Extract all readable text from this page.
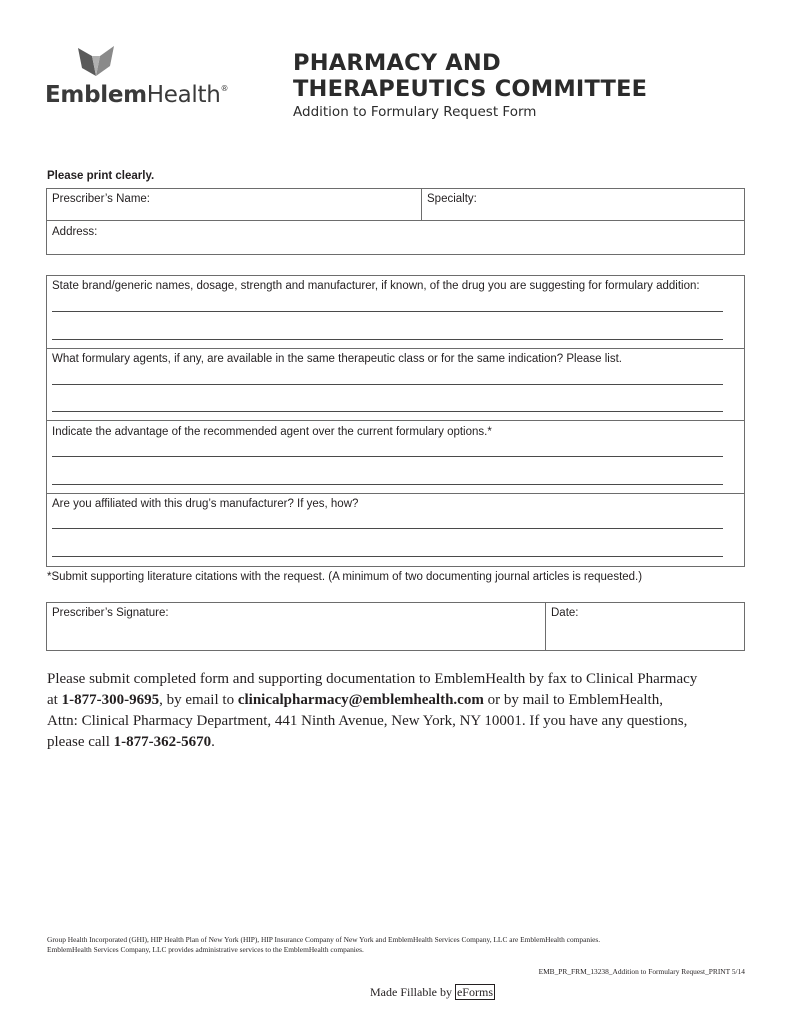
EmblemHealth®
PHARMACY AND
THERAPEUTICS COMMITTEE
Addition to Formulary Request Form
Please print clearly.
Prescriber’s Name:	Specialty:
Address:
State brand/generic names, dosage, strength and manufacturer, if known, of the drug you are suggesting for formulary addition:
What formulary agents, if any, are available in the same therapeutic class or for the same indication? Please list.
Indicate the advantage of the recommended agent over the current formulary options.*
Are you affiliated with this drug’s manufacturer? If yes, how?
*Submit supporting literature citations with the request. (A minimum of two documenting journal articles is requested.)
Prescriber’s Signature:	Date:
Please submit completed form and supporting documentation to EmblemHealth by fax to Clinical Pharmacy
at 1-877-300-9695, by email to clinicalpharmacy@emblemhealth.com or by mail to EmblemHealth,
Attn: Clinical Pharmacy Department, 441 Ninth Avenue, New York, NY 10001. If you have any questions,
please call 1-877-362-5670.
Group Health Incorporated (GHI), HIP Health Plan of New York (HIP), HIP Insurance Company of New York and EmblemHealth Services Company, LLC are EmblemHealth companies.
EmblemHealth Services Company, LLC provides administrative services to the EmblemHealth companies.
EMB_PR_FRM_13238_Addition to Formulary Request_PRINT 5/14
Made Fillable by eForms
